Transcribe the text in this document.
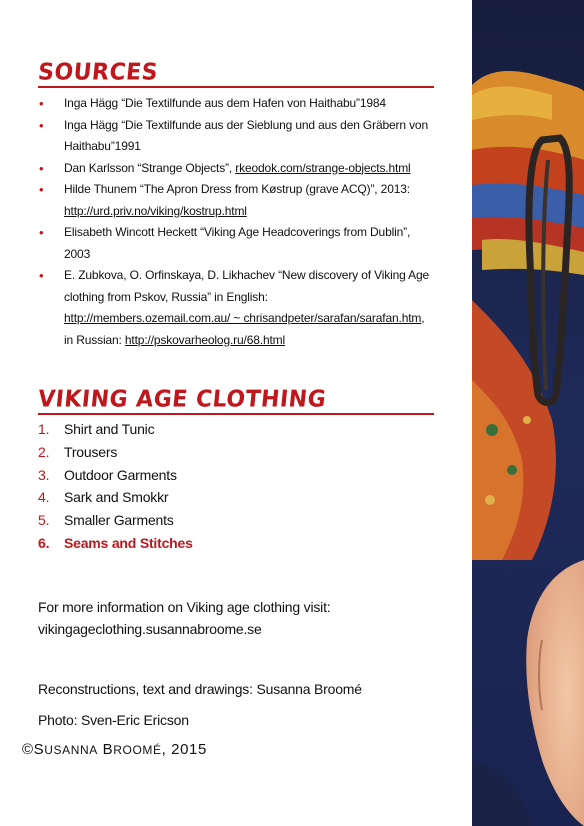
SOURCES
• Inga Hägg “Die Textilfunde aus dem Hafen von Haithabu”1984
• Inga Hägg “Die Textilfunde aus der Sieblung und aus den Gräbern von Haithabu”1991
• Dan Karlsson “Strange Objects”, rkeodok.com/strange-objects.html
• Hilde Thunem “The Apron Dress from Køstrup (grave ACQ)”, 2013: http://urd.priv.no/viking/kostrup.html
• Elisabeth Wincott Heckett “Viking Age Headcoverings from Dublin”, 2003
• E. Zubkova, O. Orfinskaya, D. Likhachev “New discovery of Viking Age clothing from Pskov, Russia” in English: http://members.ozemail.com.au/ ~ chrisandpeter/sarafan/sarafan.htm, in Russian: http://pskovarheolog.ru/68.html
VIKING AGE CLOTHING
1. Shirt and Tunic
2. Trousers
3. Outdoor Garments
4. Sark and Smokkr
5. Smaller Garments
6. Seams and Stitches
For more information on Viking age clothing visit:
vikingageclothing.susannabroome.se
Reconstructions, text and drawings: Susanna Broomé
Photo: Sven-Eric Ericson
©SUSANNA BROOMÉ, 2015
